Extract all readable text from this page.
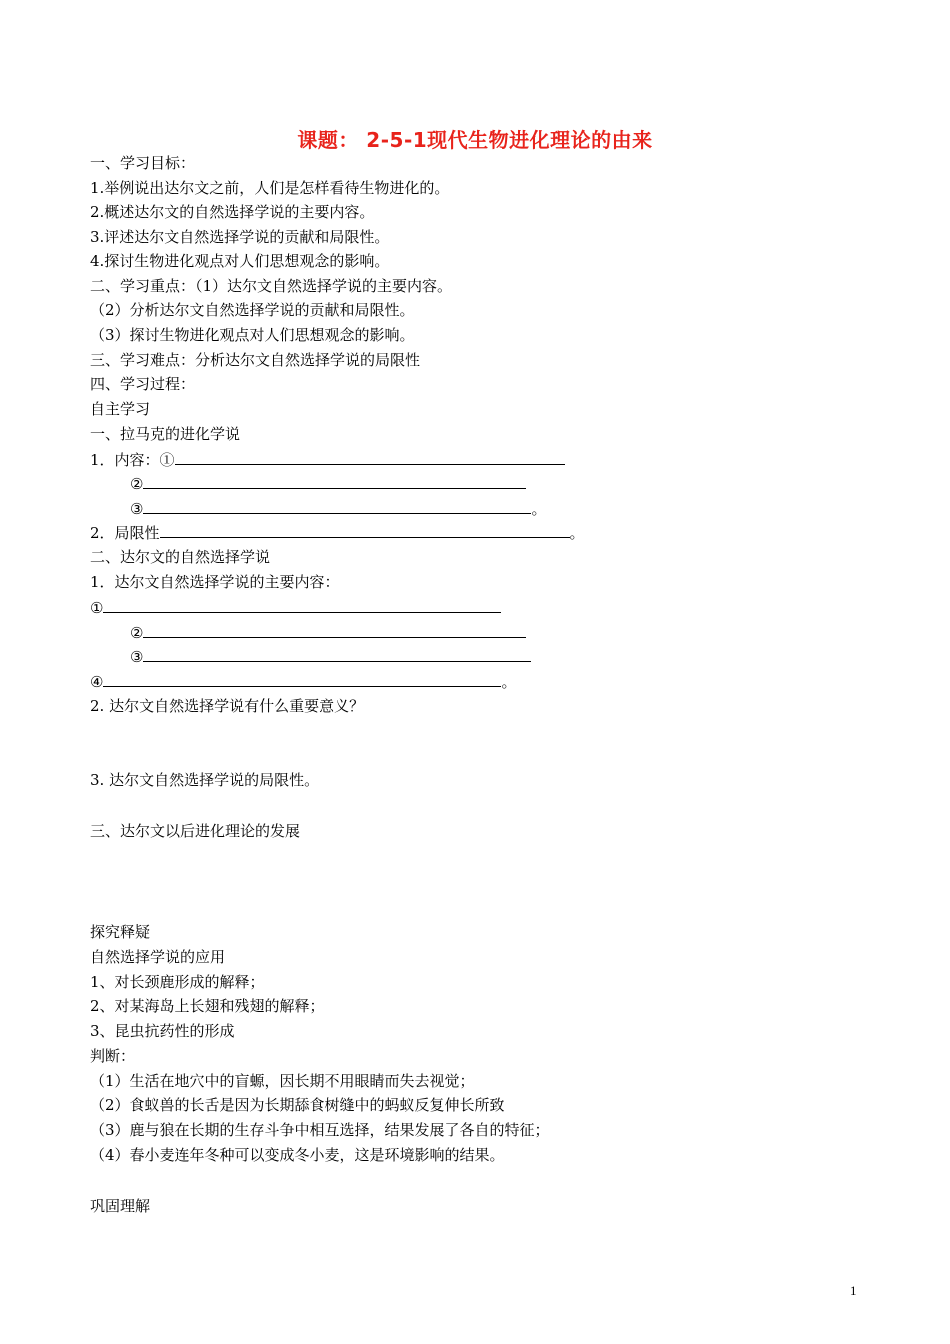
课题： 2-5-1现代生物进化理论的由来
一、学习目标：
1.举例说出达尔文之前，人们是怎样看待生物进化的。
2.概述达尔文的自然选择学说的主要内容。
3.评述达尔文自然选择学说的贡献和局限性。
4.探讨生物进化观点对人们思想观念的影响。
二、学习重点：（1）达尔文自然选择学说的主要内容。
（2）分析达尔文自然选择学说的贡献和局限性。
（3）探讨生物进化观点对人们思想观念的影响。
三、学习难点：分析达尔文自然选择学说的局限性
四、学习过程：
自主学习
一、拉马克的进化学说
1．内容：①
②
③	。
2．局限性	。
二、达尔文的自然选择学说
1．达尔文自然选择学说的主要内容：
①
②
③
④	。
2. 达尔文自然选择学说有什么重要意义？
3. 达尔文自然选择学说的局限性。
三、达尔文以后进化理论的发展
探究释疑
自然选择学说的应用
1、对长颈鹿形成的解释；
2、对某海岛上长翅和残翅的解释；
3、昆虫抗药性的形成
判断：
（1）生活在地穴中的盲螈，因长期不用眼睛而失去视觉；
（2）食蚁兽的长舌是因为长期舔食树缝中的蚂蚁反复伸长所致
（3）鹿与狼在长期的生存斗争中相互选择，结果发展了各自的特征；
（4）春小麦连年冬种可以变成冬小麦，这是环境影响的结果。
巩固理解
1
